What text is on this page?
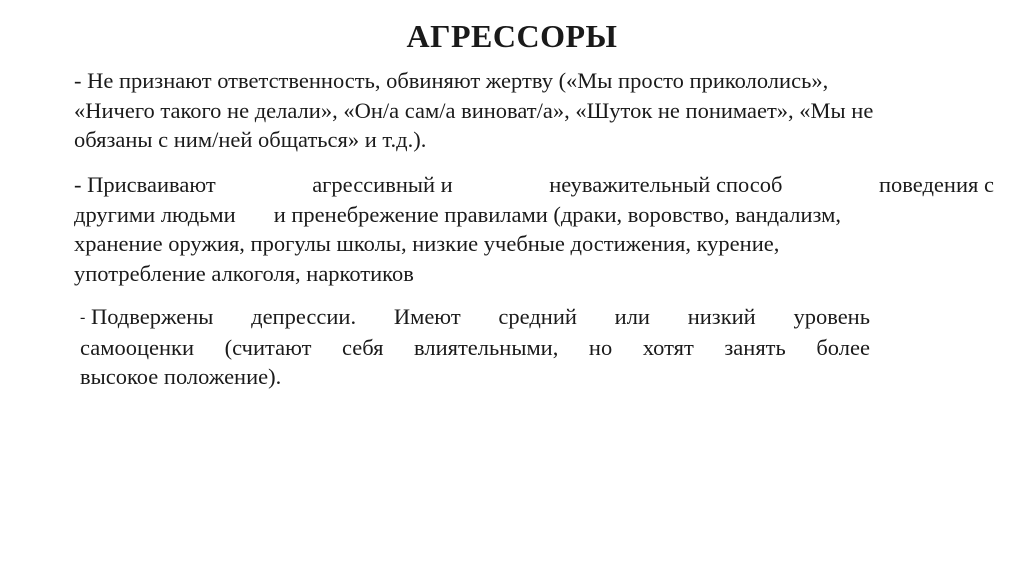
АГРЕССОРЫ
- Не признают ответственность, обвиняют жертву («Мы просто прикололись»,
«Ничего такого не делали», «Он/а сам/а виноват/а», «Шуток не понимает», «Мы не
обязаны с ним/ней общаться» и т.д.).
- Присваивают	агрессивный и	неуважительный способ	поведения с
другими людьми и пренебрежение правилами (драки, воровство, вандализм,
хранение оружия, прогулы школы, низкие учебные достижения, курение,
употребление алкоголя, наркотиков
- Подвержены депрессии. Имеют средний или низкий уровень
самооценки (считают себя влиятельными, но хотят занять более
высокое положение).
